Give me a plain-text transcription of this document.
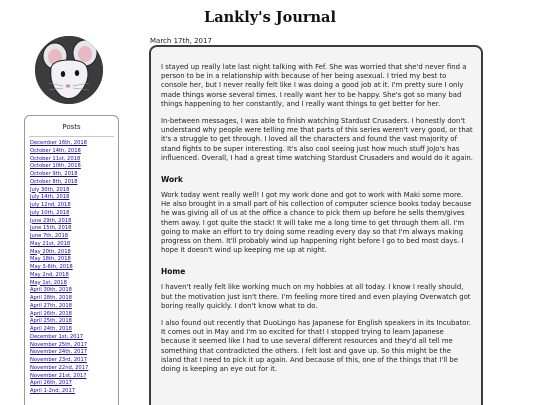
Lankly's Journal
Posts
December 16th, 2018
October 14th, 2018
October 11st, 2018
October 10th, 2018
October 9th, 2018
October 8th, 2018
July 30th, 2018
July 14th, 2018
July 12nd, 2018
July 10th, 2018
June 29th, 2018
June 15th, 2018
June 7th, 2018
May 21st, 2018
May 20th, 2018
May 18th, 2018
May 3-6th, 2018
May 2nd, 2018
May 1st, 2018
April 30th, 2018
April 28th, 2018
April 27th, 2018
April 26th, 2018
April 25th, 2018
April 24th, 2018
December 1st, 2017
November 25th, 2017
November 24th, 2017
November 23rd, 2017
November 22nd, 2017
November 21st, 2017
April 26th, 2017
April 1-2nd, 2017
March 17th, 2017

I stayed up really late last night talking with Fef. She was worried that she'd never find a person to be in a relationship with because of her being asexual. I tried my best to console her, but I never really felt like I was doing a good job at it. I'm pretty sure I only made things worse several times. I really want her to be happy. She's got so many bad things happening to her constantly, and I really want things to get better for her.

In-between messages, I was able to finish watching Stardust Crusaders. I honestly don't understand why people were telling me that parts of this series weren't very good, or that it's a struggle to get through. I loved all the characters and found the vast majority of stand fights to be super interesting. It's also cool seeing just how much stuff JoJo's has influenced. Overall, I had a great time watching Stardust Crusaders and would do it again.

Work

Work today went really well! I got my work done and got to work with Maki some more. He also brought in a small part of his collection of computer science books today because he was giving all of us at the office a chance to pick them up before he sells them/gives them away. I got quite the stack! It will take me a long time to get through them all. I'm going to make an effort to try doing some reading every day so that I'm always making progress on them. It'll probably wind up happening right before I go to bed most days. I hope it doesn't wind up keeping me up at night.

Home

I haven't really felt like working much on my hobbies at all today. I know I really should, but the motivation just isn't there. I'm feeling more tired and even playing Overwatch got boring really quickly. I don't know what to do.

I also found out recently that DuoLingo has Japanese for English speakers in its Incubator. It comes out in May and I'm so excited for that! I stopped trying to learn Japanese because it seemed like I had to use several different resources and they'd all tell me something that contradicted the others. I felt lost and gave up. So this might be the island that I need to pick it up again. And because of this, one of the things that I'll be doing is keeping an eye out for it.
